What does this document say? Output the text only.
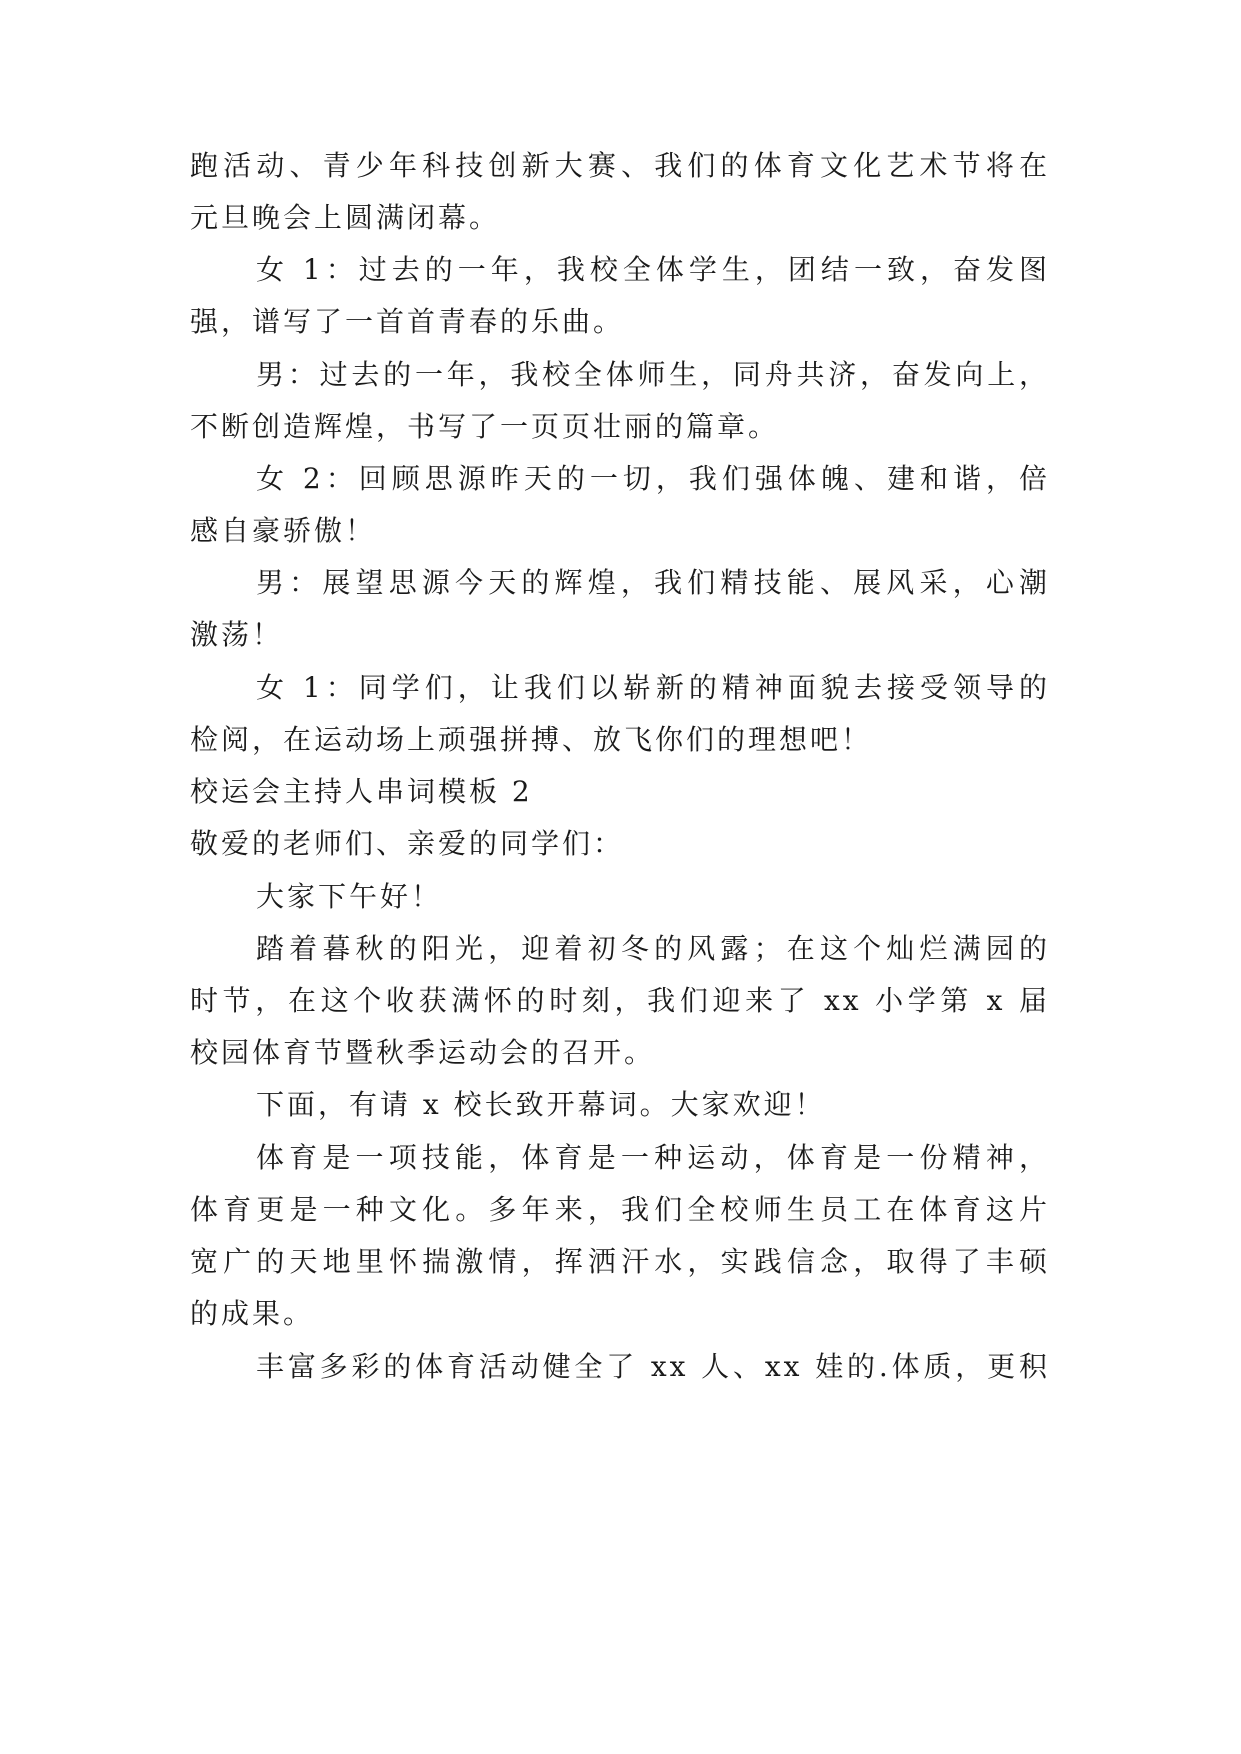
跑活动、青少年科技创新大赛、我们的体育文化艺术节将在
元旦晚会上圆满闭幕。
女 1：过去的一年，我校全体学生，团结一致，奋发图
强，谱写了一首首青春的乐曲。
男：过去的一年，我校全体师生，同舟共济，奋发向上，
不断创造辉煌，书写了一页页壮丽的篇章。
女 2：回顾思源昨天的一切，我们强体魄、建和谐，倍
感自豪骄傲！
男：展望思源今天的辉煌，我们精技能、展风采，心潮
激荡！
女 1：同学们，让我们以崭新的精神面貌去接受领导的
检阅，在运动场上顽强拼搏、放飞你们的理想吧！
校运会主持人串词模板 2
敬爱的老师们、亲爱的同学们：
大家下午好！
踏着暮秋的阳光，迎着初冬的风露；在这个灿烂满园的
时节，在这个收获满怀的时刻，我们迎来了 xx 小学第 x 届
校园体育节暨秋季运动会的召开。
下面，有请 x 校长致开幕词。大家欢迎！
体育是一项技能，体育是一种运动，体育是一份精神，
体育更是一种文化。多年来，我们全校师生员工在体育这片
宽广的天地里怀揣激情，挥洒汗水，实践信念，取得了丰硕
的成果。
丰富多彩的体育活动健全了 xx 人、xx 娃的.体质，更积
